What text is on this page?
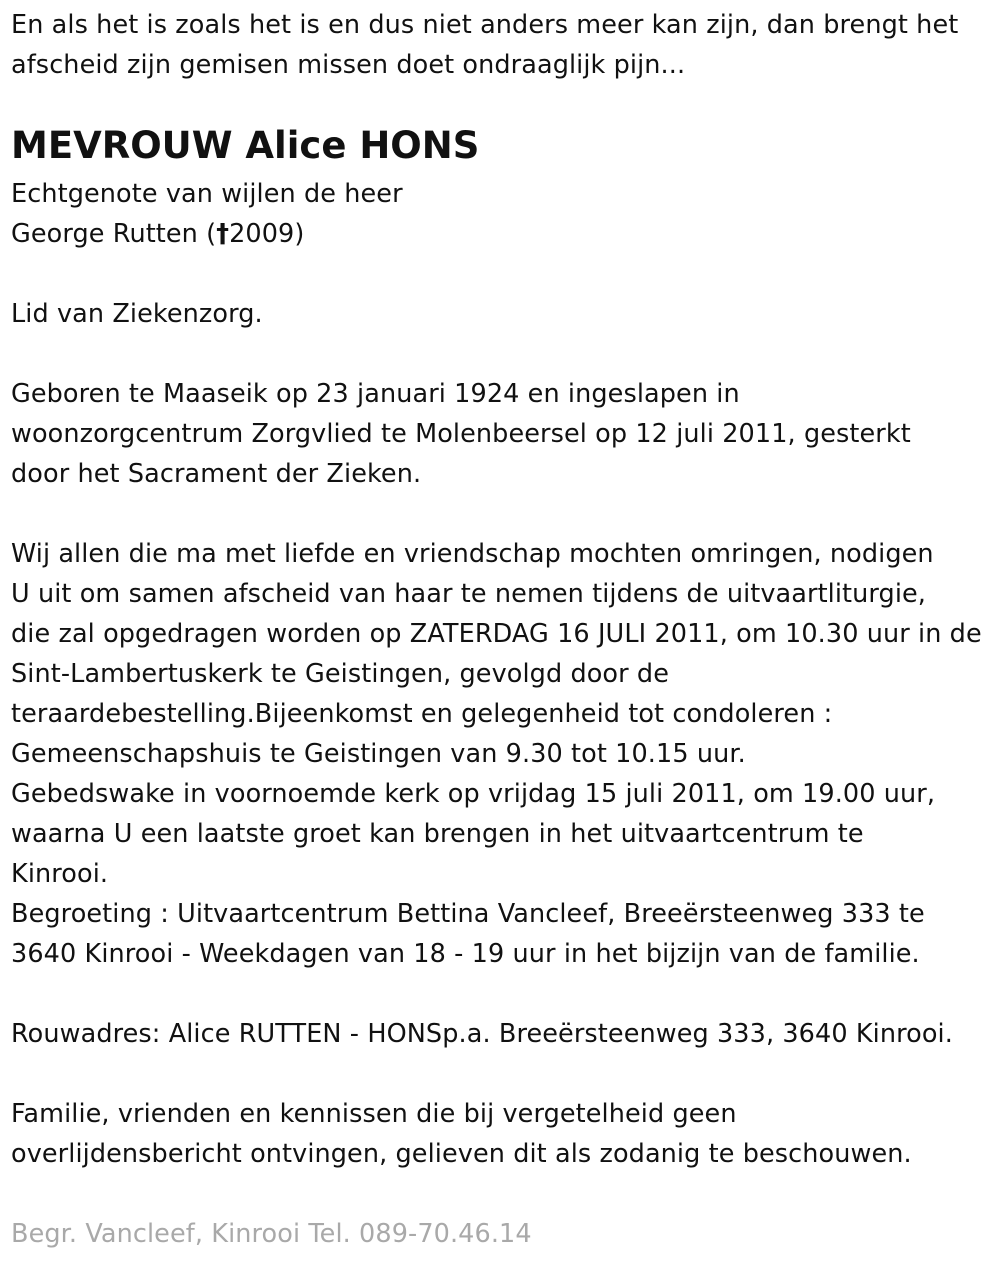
En als het is zoals het is en dus niet anders meer kan zijn, dan brengt het
afscheid zijn gemisen missen doet ondraaglijk pijn...
MEVROUW Alice HONS
Echtgenote van wijlen de heer
George Rutten (†2009)
Lid van Ziekenzorg.
Geboren te Maaseik op 23 januari 1924 en ingeslapen in
woonzorgcentrum Zorgvlied te Molenbeersel op 12 juli 2011, gesterkt
door het Sacrament der Zieken.
Wij allen die ma met liefde en vriendschap mochten omringen, nodigen
U uit om samen afscheid van haar te nemen tijdens de uitvaartliturgie,
die zal opgedragen worden op ZATERDAG 16 JULI 2011, om 10.30 uur in de
Sint-Lambertuskerk te Geistingen, gevolgd door de
teraardebestelling.Bijeenkomst en gelegenheid tot condoleren :
Gemeenschapshuis te Geistingen van 9.30 tot 10.15 uur.
Gebedswake in voornoemde kerk op vrijdag 15 juli 2011, om 19.00 uur,
waarna U een laatste groet kan brengen in het uitvaartcentrum te
Kinrooi.
Begroeting : Uitvaartcentrum Bettina Vancleef, Breeërsteenweg 333 te
3640 Kinrooi - Weekdagen van 18 - 19 uur in het bijzijn van de familie.
Rouwadres: Alice RUTTEN - HONSp.a. Breeërsteenweg 333, 3640 Kinrooi.
Familie, vrienden en kennissen die bij vergetelheid geen
overlijdensbericht ontvingen, gelieven dit als zodanig te beschouwen.
Begr. Vancleef, Kinrooi Tel. 089-70.46.14
